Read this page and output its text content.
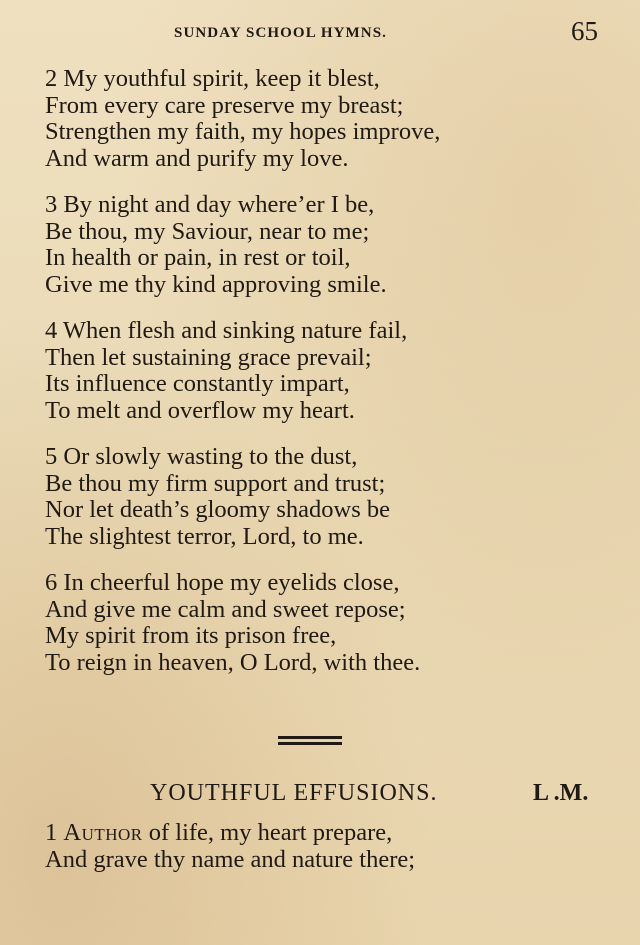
SUNDAY SCHOOL HYMNS.	65
2 My youthful spirit, keep it blest,
From every care preserve my breast;
Strengthen my faith, my hopes improve,
And warm and purify my love.
3 By night and day where’er I be,
Be thou, my Saviour, near to me;
In health or pain, in rest or toil,
Give me thy kind approving smile.
4 When flesh and sinking nature fail,
Then let sustaining grace prevail;
Its influence constantly impart,
To melt and overflow my heart.
5 Or slowly wasting to the dust,
Be thou my firm support and trust;
Nor let death’s gloomy shadows be
The slightest terror, Lord, to me.
6 In cheerful hope my eyelids close,
And give me calm and sweet repose;
My spirit from its prison free,
To reign in heaven, O Lord, with thee.
YOUTHFUL EFFUSIONS.	L .M.
1 Author of life, my heart prepare,
And grave thy name and nature there;
